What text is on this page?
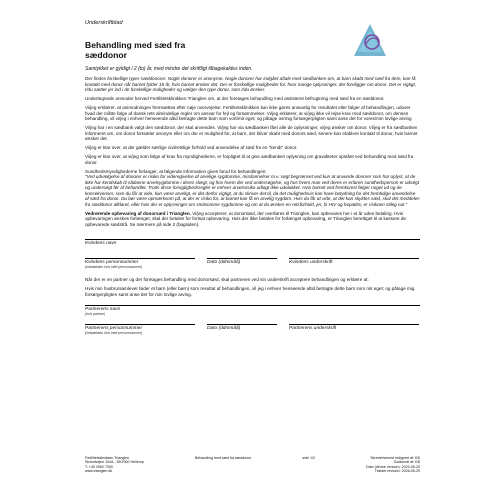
Underskriftblad
Behandling med sæd fra
sæddonor
Samtykket er gyldigt i 2 (to) år, med mindre det skriftligt tilbagekaldes inden.

Der findes forskellige typer sæddonorer. Nogle donorer er anonyme. Nogle donorer har indgået aftale med sædbanken om, at barn skabt med sæd fra dem, kan få kontakt med donor når barnet fylder 18 år, hvis barnet ønsker det. Der er forskellige muligheder for, hvor mange oplysninger, der foreligger om donor. Det er vigtigt, I/du sætter jer ind i de forskellige muligheder og vælger den type donor, som I/du ønsker.

Undertegnede anmoder herved Fertilitetsklinikken Trianglen om, at der foretages behandling med assisteret befrugtning med sæd fra en sæddonor.

Vi/jeg erklærer, at animodningen fremsættes efter nøje overvejelse. Fertilitetsklinikken kan ikke gøres ansvarlig for resultatet eller følger af behandlingen, udover hvad der måtte følge af dansk rets almindelige regler om ansvar for fejl og forsømmelser. Vi/jeg erklærer, at vi/jeg ikke vil rejse krav mod sæddonor, om dennes behandling, vil vi/jeg i enhver henseende altid betragte dette barn som vort/mit eget; og påtage os/mig forsørgerpligten samt anse det for vores/min lovlige arving

Vi/jeg har i en sædbank valgt den sæddonor, der skal anvendes. Vi/jeg har via sædbanken fået alle de oplysninger, vi/jeg ønsker om donor. Vi/jeg er fra sædbanken informeret om, om donor fortsæler anonym eller om der er mulighed for, at barn, der bliver skabt med donors sæd, senere kan etablere kontakt til donor, hvis barnet ønsker det.

Vi/jeg er klar over, at der gælder særlige civilretslige forhold ved anvendelse af sæd fra en "kendt" donor.

Vi/jeg er klar over, at vi/jeg som følge af krav fra myndighederne, er forpligtet til at give sædbanken oplysning om graviditeter opstået ved behandling med sæd fra donor.

Sundhedsmyndighederne forlanger, at følgende information gives forud for behandlingen:
"Ved udvælgelse af donorer er risiko for videregivelse af arvelige sygdomme, misdannelser m.v. søgt begrænset ved kun at anvende donorer som har oplyst, at de ikke har kendskab til sådanne arvelsygdomme i deres slægt, og hos hvem der ved undersøgelse, og hos hvem man ved deres er erfaren sundhedsperson er udsøgt og undersøgt før af behandlet. Trods disse forsigtighedsregler er enhver arvelsrisiko udlagt ikke udelukket. Hvis barnet ved fremkomst følger noget ud og de konsekvenser, som du får at vide, kan være arveligt, er det derfor vigtigt, at du skriver det til, da det mulighedsvis kan have betydning for det fremtidige anvendelse af sæd fra donor. Du bør være opmærksom på, at der er risiko for, at barnet kan få en arvelig sygdom. Hvis du får at vide, at det kan skyldes sæd, skal det meddeles fra sæddonor afklaret, eller hvis der er oplysninger om smitsomme sygdomme og om at du ønsker en retsforhold, jer, fx HIV og hepatitis, er risikoen stileg nul."

Vedrørende opbevaring af donorsæd i Trianglen. Vi/jeg accepterer, at donorsæd, der overføres til Trianglen, kan opbevares her i et år uden betaling. Hvis opbevaringen ønskes forlænget, skal der betales for fortsat opbevaring. Hvis der ikke betales for forlænget opbevaring, er Trianglen berettiget til at kassere de opbevarede sædstrå. Se nærmere på side 2 (bagsiden).

Kvindens navn
Kvindens personnummer
(Indsætdato hvis intet personnummer)
Dato (ddmmåå)	Kvindens underskrift

Når der er en partner og der foretages behandling med donorsæd, skal partneren ved sin underskrift acceptere behandlingen og erklære at:

Hvis min husbru/samlever føder et barn (eller børn) som resultat af behandlingen, vil jeg i enhver henseende altid betragte dette barn som mit eget; og påtage mig forsørgerpligten samt anse det for min lovlige arving.

Partnerens navn
(hvis partner)
Partnerens personnummer
(Indsætdato hvis intet personnummer)
Dato (ddmmåå)	Partnerens underskrift
Fertilitetsklinikken Trianglen
Strandvejen 104A - DK2900 Hellerup
T: +45 3962 7000
www.trianglen.dk
Behandling med sæd fra sæddonor	side 1/2	Skrevet/senest redigeret af: KB
Godkendt af: KB
Dato (denne version): 2023-05-29
Trædet revision: 2026-05-29
